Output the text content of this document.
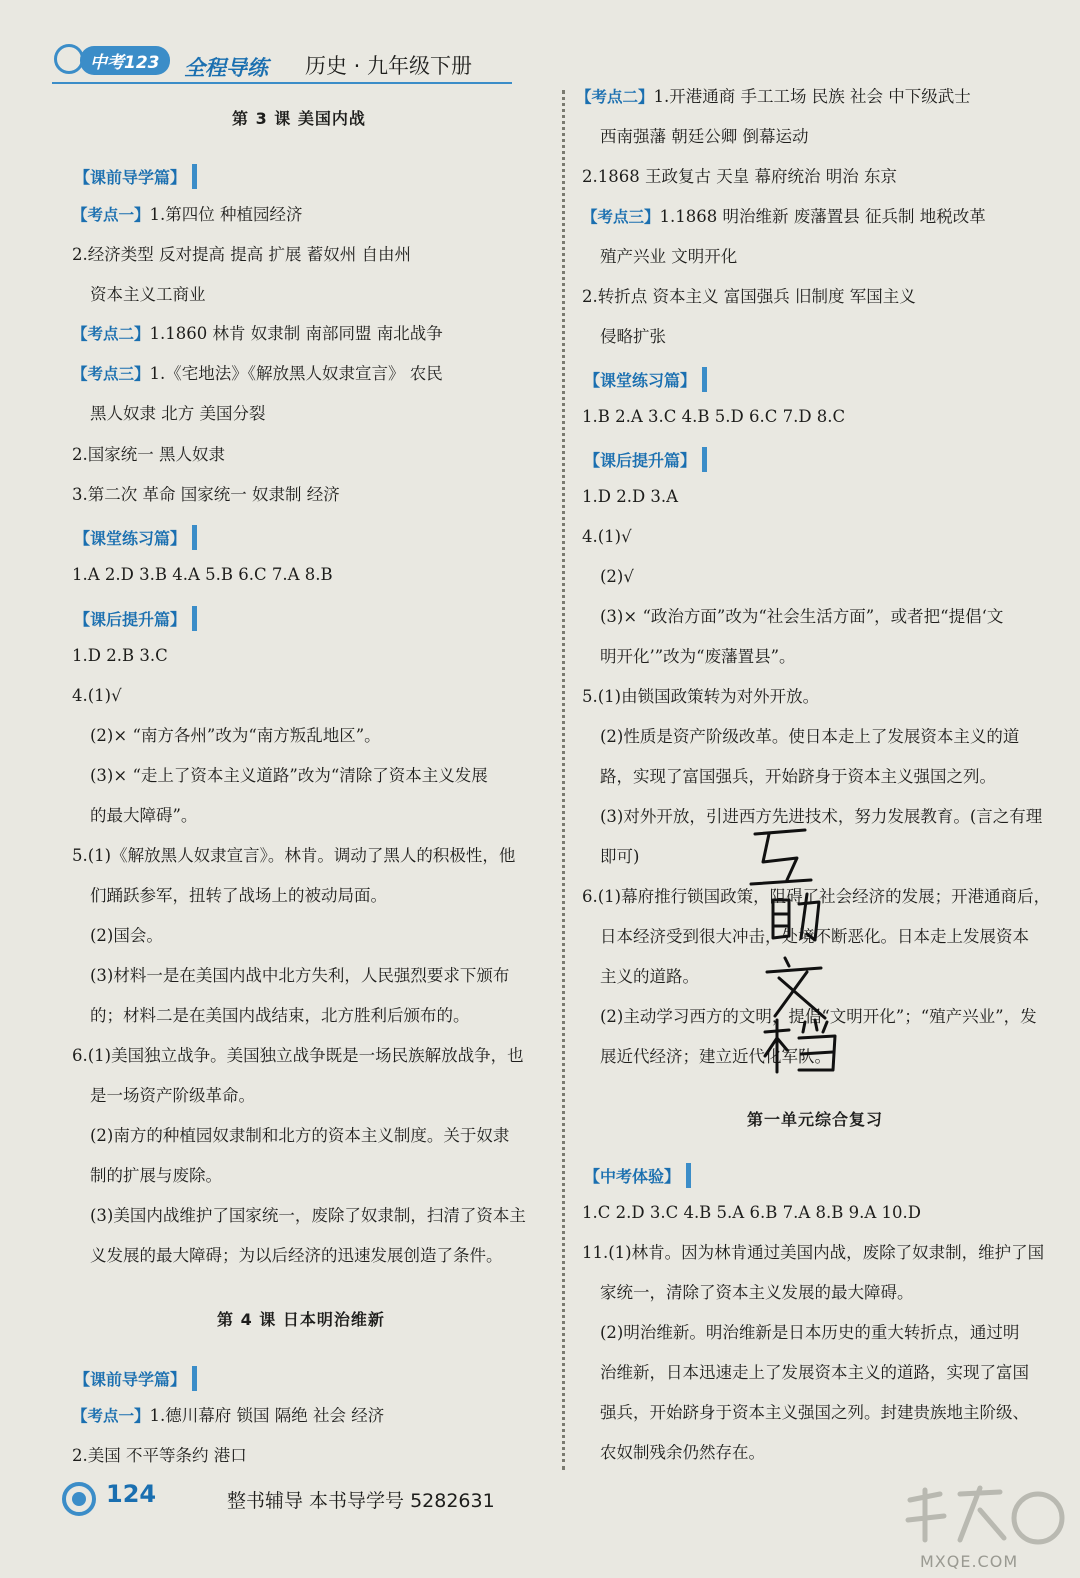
中考123	全程导练 历史 · 九年级下册
第 3 课 美国内战
【课前导学篇】
【考点一】1.第四位 种植园经济
2.经济类型 反对提高 提高 扩展 蓄奴州 自由州
资本主义工商业
【考点二】1.1860 林肯 奴隶制 南部同盟 南北战争
【考点三】1.《宅地法》《解放黑人奴隶宣言》 农民
黑人奴隶 北方 美国分裂
2.国家统一 黑人奴隶
3.第二次 革命 国家统一 奴隶制 经济
【课堂练习篇】
1.A 2.D 3.B 4.A 5.B 6.C 7.A 8.B
【课后提升篇】
1.D 2.B 3.C
4.(1)√
(2)× “南方各州”改为“南方叛乱地区”。
(3)× “走上了资本主义道路”改为“清除了资本主义发展
的最大障碍”。
5.(1)《解放黑人奴隶宣言》。林肯。调动了黑人的积极性，他
们踊跃参军，扭转了战场上的被动局面。
(2)国会。
(3)材料一是在美国内战中北方失利，人民强烈要求下颁布
的；材料二是在美国内战结束，北方胜利后颁布的。
6.(1)美国独立战争。美国独立战争既是一场民族解放战争，也
是一场资产阶级革命。
(2)南方的种植园奴隶制和北方的资本主义制度。关于奴隶
制的扩展与废除。
(3)美国内战维护了国家统一，废除了奴隶制，扫清了资本主
义发展的最大障碍；为以后经济的迅速发展创造了条件。
第 4 课 日本明治维新
【课前导学篇】
【考点一】1.德川幕府 锁国 隔绝 社会 经济
2.美国 不平等条约 港口
【考点二】1.开港通商 手工工场 民族 社会 中下级武士
西南强藩 朝廷公卿 倒幕运动
2.1868 王政复古 天皇 幕府统治 明治 东京
【考点三】1.1868 明治维新 废藩置县 征兵制 地税改革
殖产兴业 文明开化
2.转折点 资本主义 富国强兵 旧制度 军国主义
侵略扩张
【课堂练习篇】
1.B 2.A 3.C 4.B 5.D 6.C 7.D 8.C
【课后提升篇】
1.D 2.D 3.A
4.(1)√
(2)√
(3)× “政治方面”改为“社会生活方面”，或者把“提倡‘文
明开化’”改为“废藩置县”。
5.(1)由锁国政策转为对外开放。
(2)性质是资产阶级改革。使日本走上了发展资本主义的道
路，实现了富国强兵，开始跻身于资本主义强国之列。
(3)对外开放，引进西方先进技术，努力发展教育。(言之有理
即可)
6.(1)幕府推行锁国政策，阻碍了社会经济的发展；开港通商后，
日本经济受到很大冲击，处境不断恶化。日本走上发展资本
主义的道路。
(2)主动学习西方的文明，提倡“文明开化”；“殖产兴业”，发
展近代经济；建立近代化军队。
第一单元综合复习
【中考体验】
1.C 2.D 3.C 4.B 5.A 6.B 7.A 8.B 9.A 10.D
11.(1)林肯。因为林肯通过美国内战，废除了奴隶制，维护了国
家统一，清除了资本主义发展的最大障碍。
(2)明治维新。明治维新是日本历史的重大转折点，通过明
治维新，日本迅速走上了发展资本主义的道路，实现了富国
强兵，开始跻身于资本主义强国之列。封建贵族地主阶级、
农奴制残余仍然存在。
124	整书辅导 本书导学号 5282631
MXQE.COM
